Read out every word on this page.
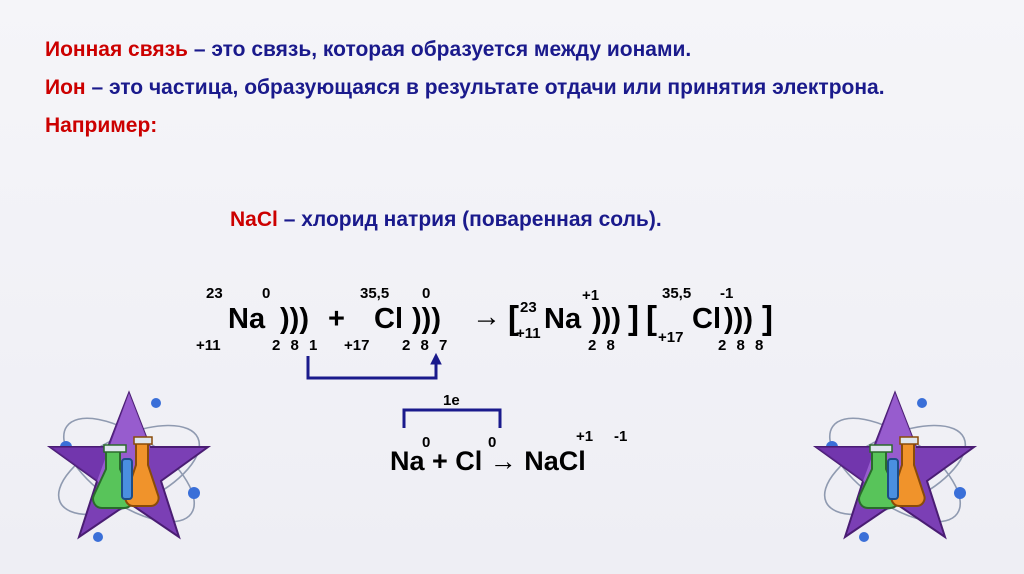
Ионная связь – это связь, которая образуется между ионами.
Ион – это частица, образующаяся в результате отдачи или принятия электрона.
Например:
NaCl – хлорид натрия (поваренная соль).
23	0
Na )))
+11	2 8 1
+
35,5 0
Cl )))
+17 2 8 7
→ [ 23
+11 Na
+1
))) ]
2 8
[
35,5 -1
+17
Cl ))) ]
2 8 8
1e
0	0	+1 -1
Na + Cl → NaCl
